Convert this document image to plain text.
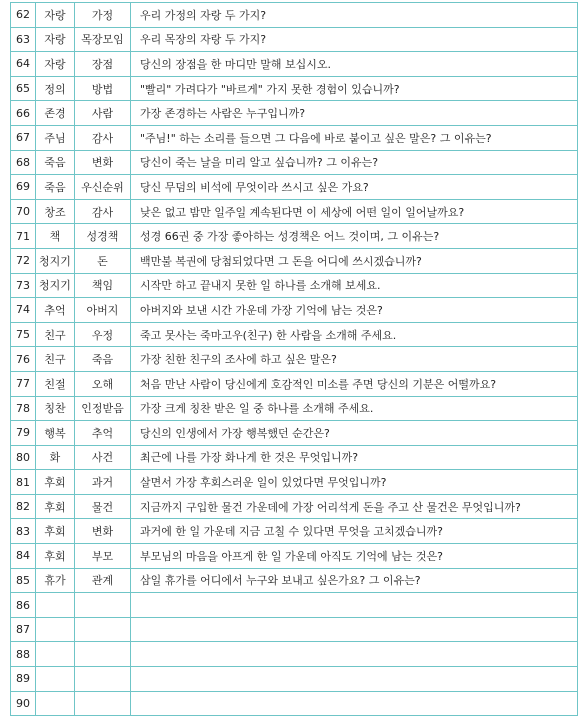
62	자랑	가정	우리 가정의 자랑 두 가지?
63	자랑	목장모임	우리 목장의 자랑 두 가지?
64	자랑	장점	당신의 장점을 한 마디만 말해 보십시오.
65	정의	방법	"빨리" 가려다가 "바르게" 가지 못한 경험이 있습니까?
66	존경	사람	가장 존경하는 사람은 누구입니까?
67	주님	감사	"주님!" 하는 소리를 들으면 그 다음에 바로 붙이고 싶은 말은? 그 이유는?
68	죽음	변화	당신이 죽는 날을 미리 알고 싶습니까? 그 이유는?
69	죽음	우신순위	당신 무덤의 비석에 무엇이라 쓰시고 싶은 가요?
70	창조	감사	낮은 없고 밤만 일주일 계속된다면 이 세상에 어떤 일이 일어날까요?
71	책	성경책	성경 66권 중 가장 좋아하는 성경책은 어느 것이며, 그 이유는?
72	청지기	돈	백만불 복권에 당첨되었다면 그 돈을 어디에 쓰시겠습니까?
73	청지기	책임	시작만 하고 끝내지 못한 일 하나를 소개해 보세요.
74	추억	아버지	아버지와 보낸 시간 가운데 가장 기억에 남는 것은?
75	친구	우정	죽고 못사는 죽마고우(친구) 한 사람을 소개해 주세요.
76	친구	죽음	가장 친한 친구의 조사에 하고 싶은 말은?
77	친절	오해	처음 만난 사람이 당신에게 호감적인 미소를 주면 당신의 기분은 어떨까요?
78	칭찬	인정받음	가장 크게 칭찬 받은 일 중 하나를 소개해 주세요.
79	행복	추억	당신의 인생에서 가장 행복했던 순간은?
80	화	사건	최근에 나를 가장 화나게 한 것은 무엇입니까?
81	후회	과거	살면서 가장 후회스러운 일이 있었다면 무엇입니까?
82	후회	물건	지금까지 구입한 물건 가운데에 가장 어리석게 돈을 주고 산 물건은 무엇입니까?
83	후회	변화	과거에 한 일 가운데 지금 고칠 수 있다면 무엇을 고치겠습니까?
84	후회	부모	부모님의 마음을 아프게 한 일 가운데 아직도 기억에 남는 것은?
85	휴가	관계	삼일 휴가를 어디에서 누구와 보내고 싶은가요? 그 이유는?
86			
87			
88			
89			
90			
